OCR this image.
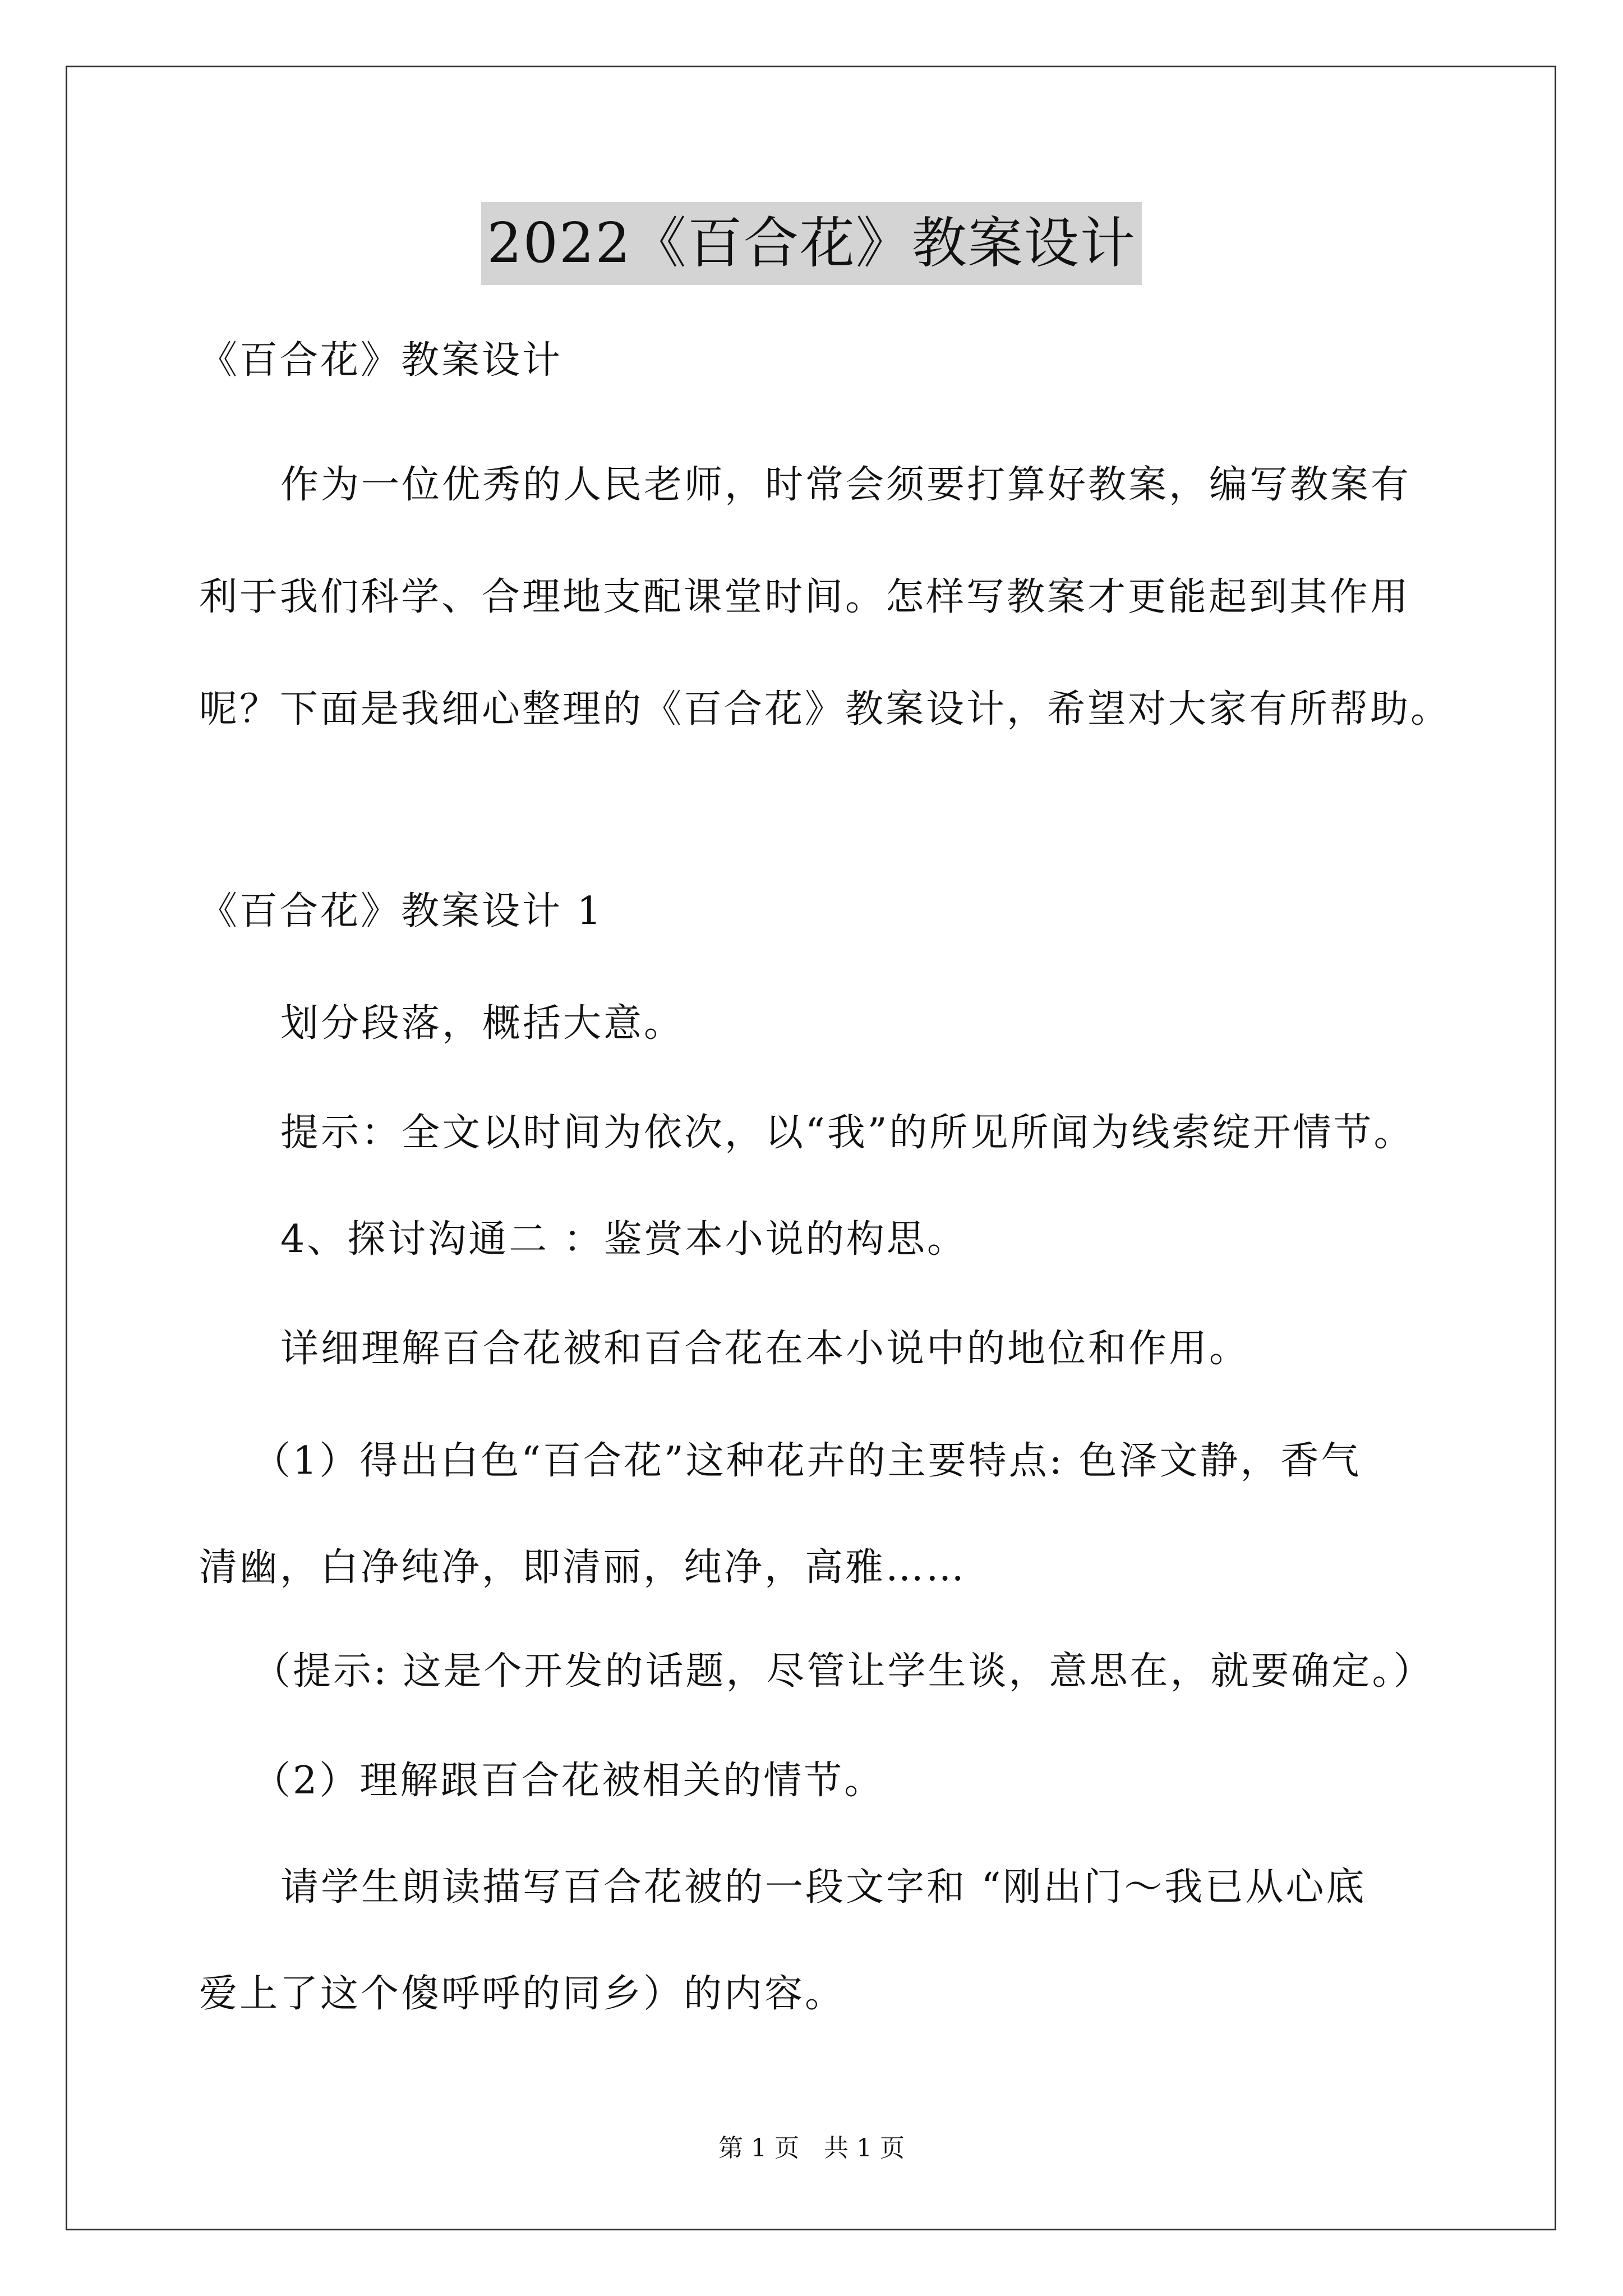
2022《百合花》教案设计
《百合花》教案设计
作为一位优秀的人民老师，时常会须要打算好教案，编写教案有
利于我们科学、合理地支配课堂时间。怎样写教案才更能起到其作用
呢？下面是我细心整理的《百合花》教案设计，希望对大家有所帮助。
《百合花》教案设计 1
划分段落，概括大意。
提示：全文以时间为依次，以“我”的所见所闻为线索绽开情节。
4、探讨沟通二 ：鉴赏本小说的构思。
详细理解百合花被和百合花在本小说中的地位和作用。
（1）得出白色“百合花”这种花卉的主要特点: 色泽文静，香气
清幽，白净纯净，即清丽，纯净，高雅……
（提示: 这是个开发的话题，尽管让学生谈，意思在，就要确定。）
（2）理解跟百合花被相关的情节。
请学生朗读描写百合花被的一段文字和 “刚出门～我已从心底
爱上了这个傻呼呼的同乡）的内容。
第 1 页　共 1 页
